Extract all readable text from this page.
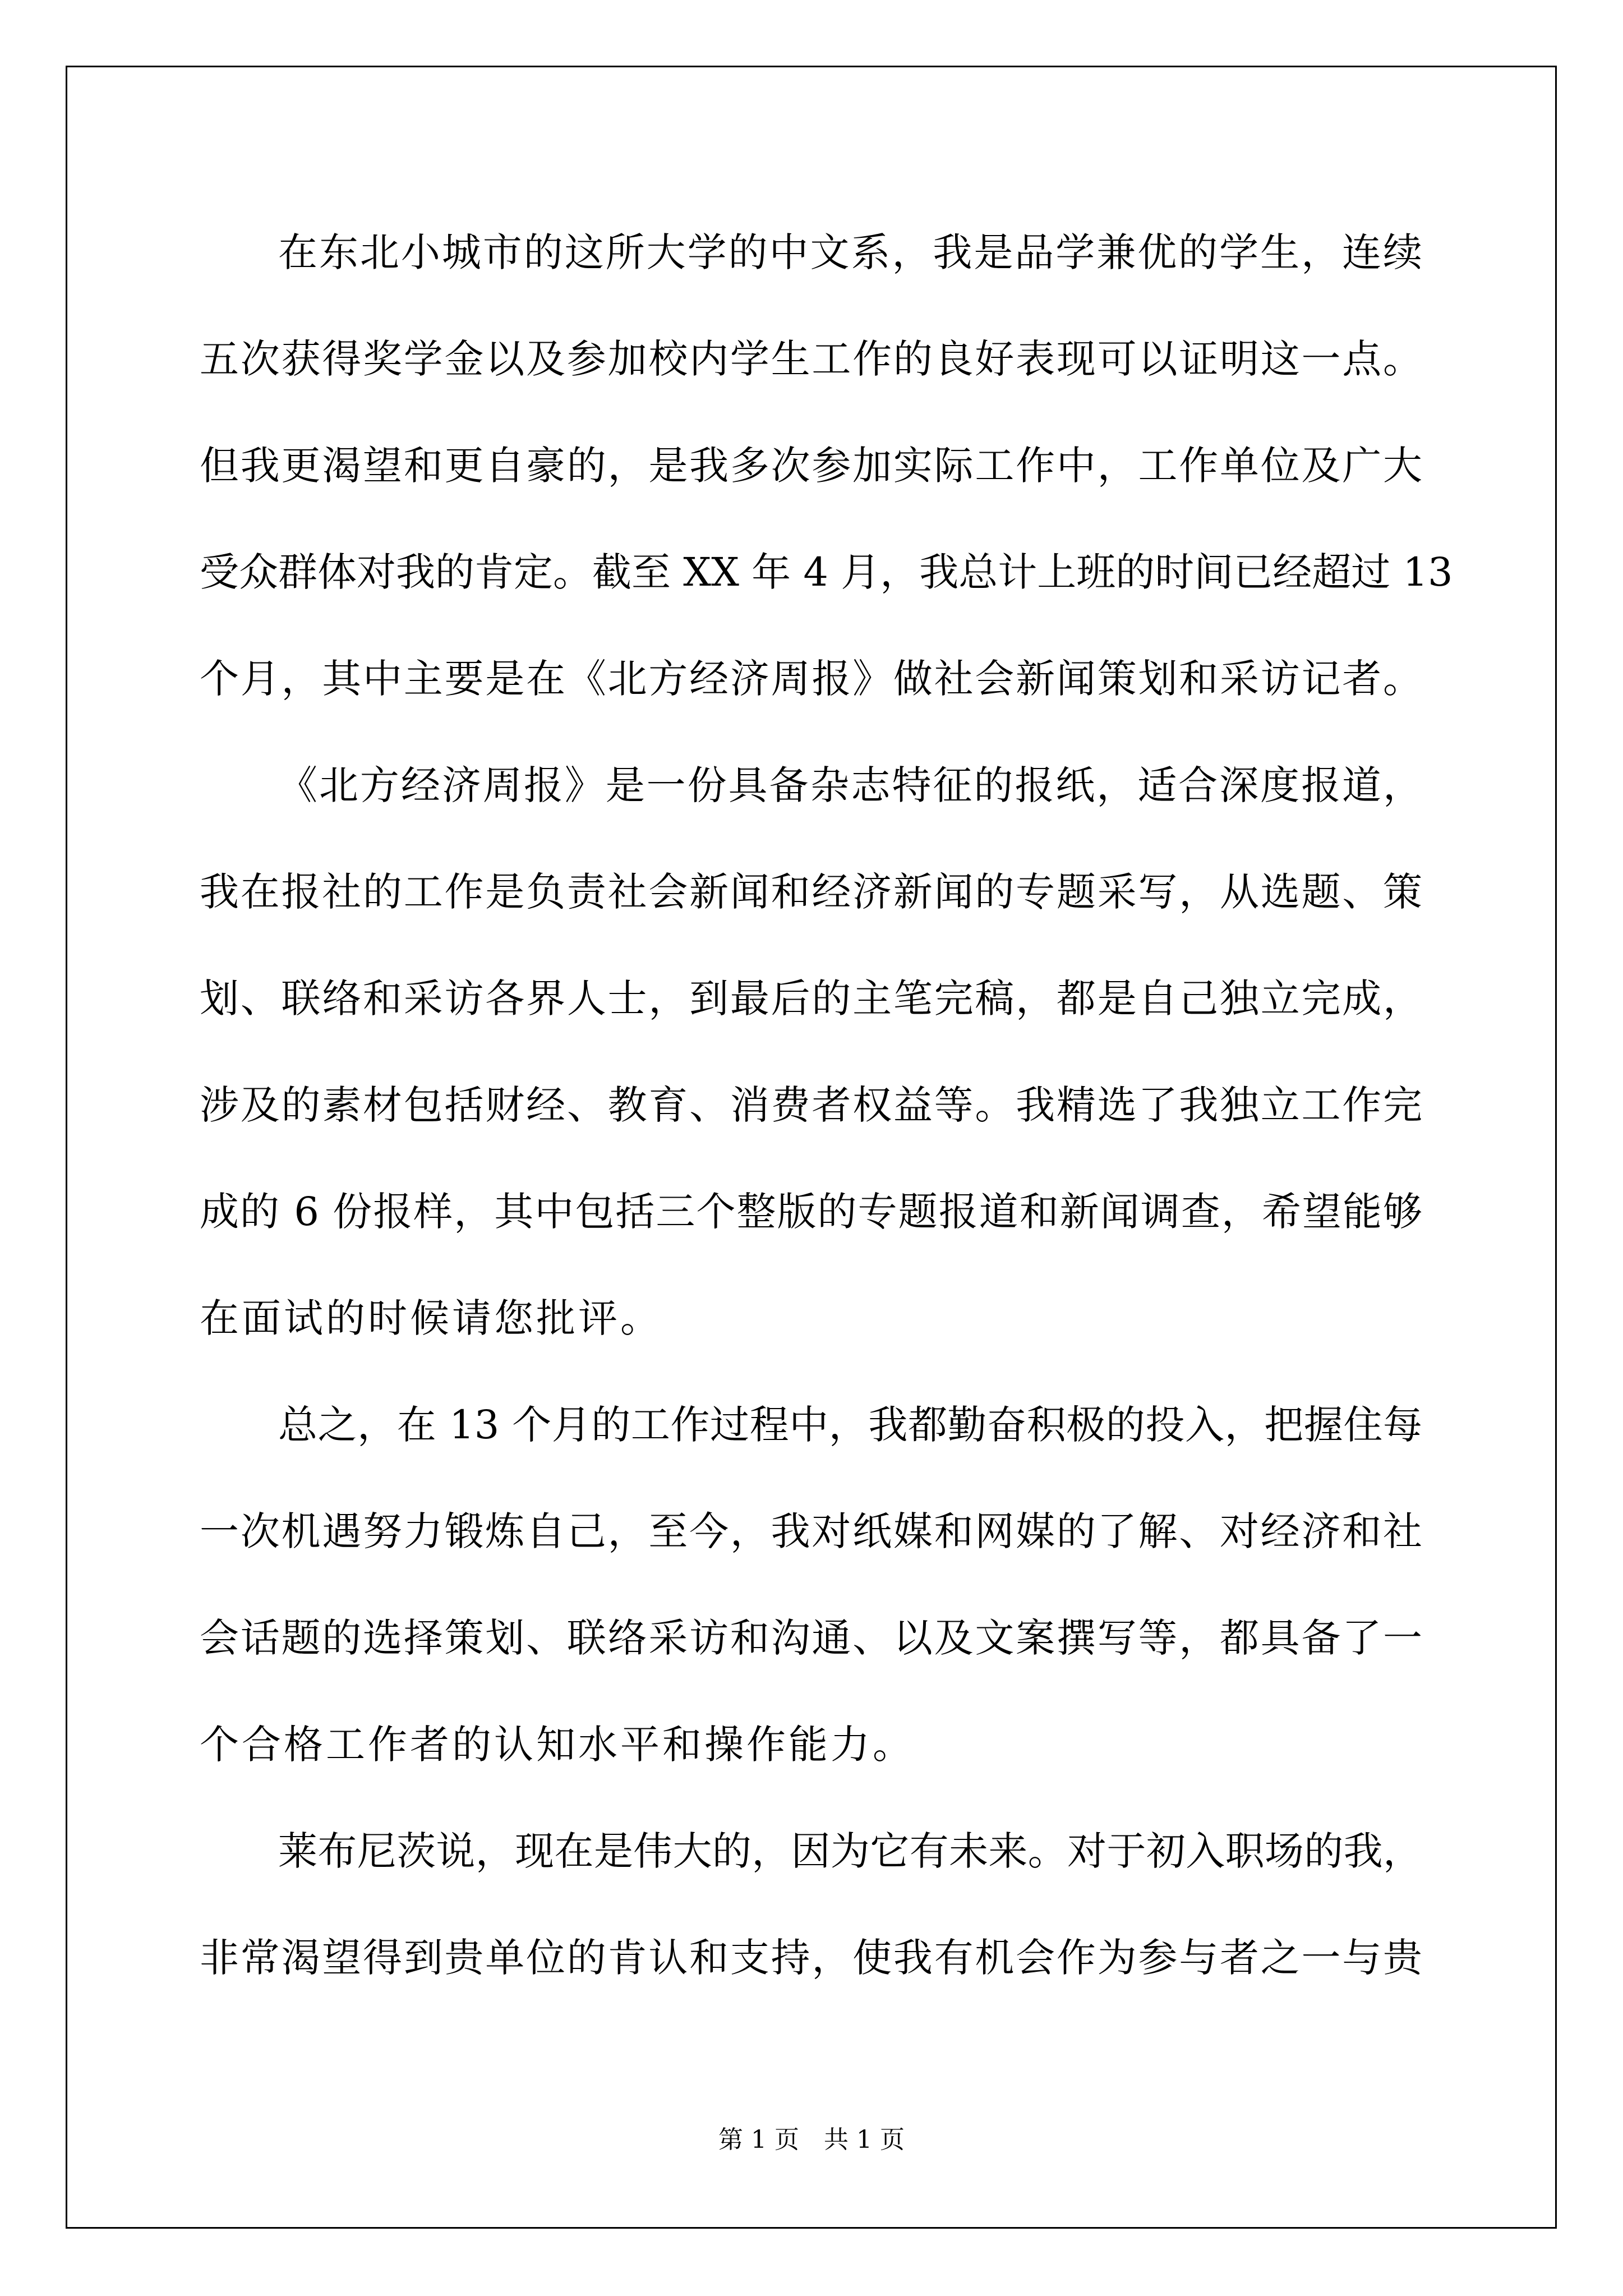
在东北小城市的这所大学的中文系，我是品学兼优的学生，连续
五次获得奖学金以及参加校内学生工作的良好表现可以证明这一点。
但我更渴望和更自豪的，是我多次参加实际工作中，工作单位及广大
受众群体对我的肯定。截至 XX 年 4 月，我总计上班的时间已经超过 13
个月，其中主要是在《北方经济周报》做社会新闻策划和采访记者。
《北方经济周报》是一份具备杂志特征的报纸，适合深度报道，
我在报社的工作是负责社会新闻和经济新闻的专题采写，从选题、策
划、联络和采访各界人士，到最后的主笔完稿，都是自己独立完成，
涉及的素材包括财经、教育、消费者权益等。我精选了我独立工作完
成的 6 份报样，其中包括三个整版的专题报道和新闻调查，希望能够
在面试的时候请您批评。
总之，在 13 个月的工作过程中，我都勤奋积极的投入，把握住每
一次机遇努力锻炼自己，至今，我对纸媒和网媒的了解、对经济和社
会话题的选择策划、联络采访和沟通、以及文案撰写等，都具备了一
个合格工作者的认知水平和操作能力。
莱布尼茨说，现在是伟大的，因为它有未来。对于初入职场的我，
非常渴望得到贵单位的肯认和支持，使我有机会作为参与者之一与贵
第 1 页　共 1 页
